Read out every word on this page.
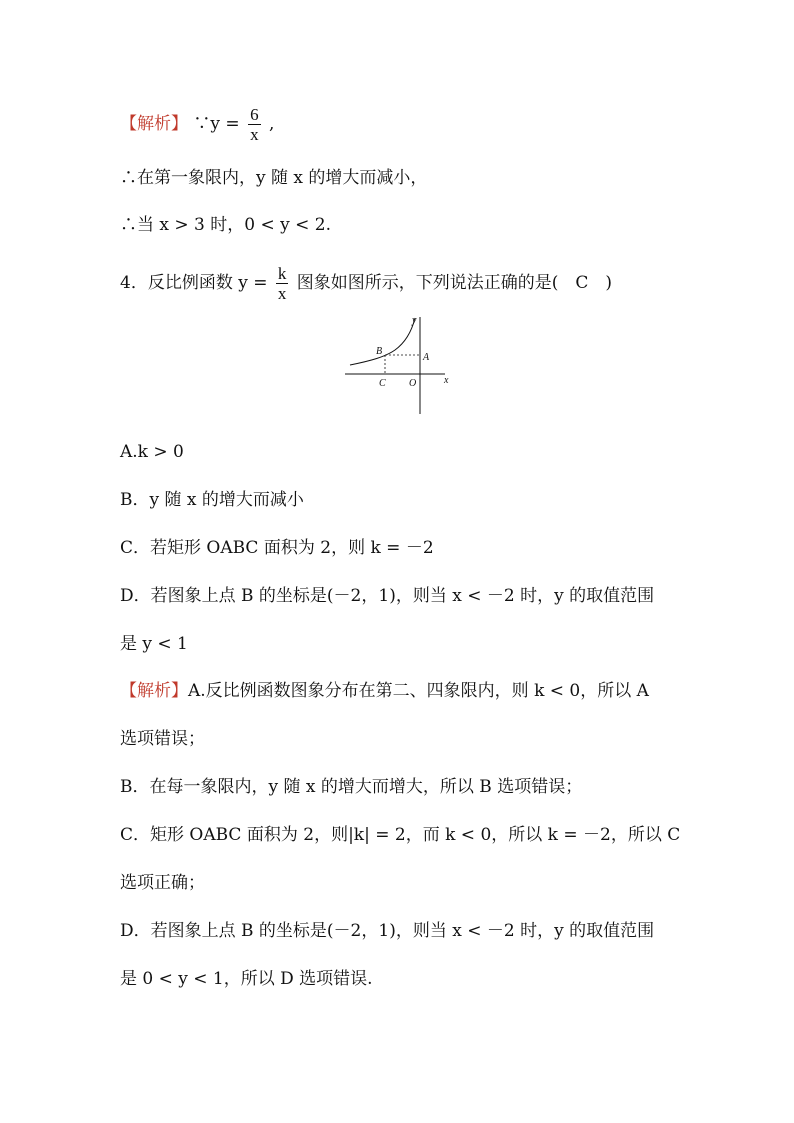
【解析】 ∵y = $\frac{6}{x}$ ,
∴在第一象限内，y 随 x 的增大而减小，
∴当 x > 3 时，0 < y < 2.
4．反比例函数 $y = \frac{k}{x}$ 图象如图所示，下列说法正确的是(　C　)
y
x
A
B
C O
A.k > 0
B．y 随 x 的增大而减小
C．若矩形 OABC 面积为 2，则 k = －2
D．若图象上点 B 的坐标是(－2，1)，则当 x < －2 时，y 的取值范围
是 y < 1
【解析】A.反比例函数图象分布在第二、四象限内，则 k < 0，所以 A
选项错误；
B．在每一象限内，y 随 x 的增大而增大，所以 B 选项错误；
C．矩形 OABC 面积为 2，则|k| = 2，而 k < 0，所以 k = －2，所以 C
选项正确；
D．若图象上点 B 的坐标是(－2，1)，则当 x < －2 时，y 的取值范围
是 0 < y < 1，所以 D 选项错误.
